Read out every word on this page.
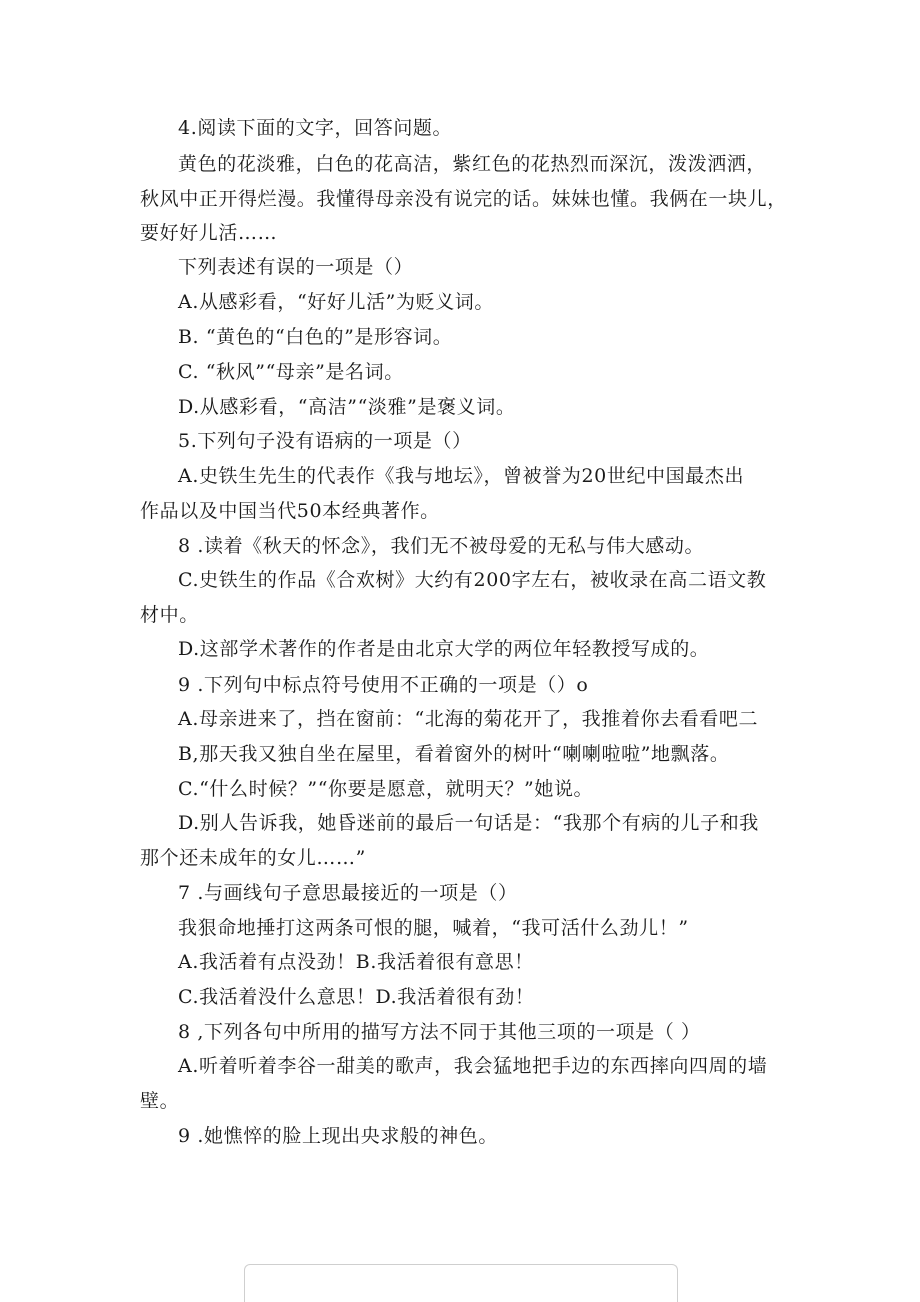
4.阅读下面的文字，回答问题。
黄色的花淡雅，白色的花高洁，紫红色的花热烈而深沉，泼泼洒洒，
秋风中正开得烂漫。我懂得母亲没有说完的话。妹妹也懂。我俩在一块儿，
要好好儿活……
下列表述有误的一项是（）
A.从感彩看，“好好儿活”为贬义词。
B. “黄色的“白色的”是形容词。
C. “秋风”“母亲”是名词。
D.从感彩看，“高洁”“淡雅”是褒义词。
5.下列句子没有语病的一项是（）
A.史铁生先生的代表作《我与地坛》，曾被誉为20世纪中国最杰出
作品以及中国当代50本经典著作。
8 .读着《秋天的怀念》，我们无不被母爱的无私与伟大感动。
C.史铁生的作品《合欢树》大约有200字左右，被收录在高二语文教
材中。
D.这部学术著作的作者是由北京大学的两位年轻教授写成的。
9 .下列句中标点符号使用不正确的一项是（）o
A.母亲进来了，挡在窗前：“北海的菊花开了，我推着你去看看吧二
B,那天我又独自坐在屋里，看着窗外的树叶“喇喇啦啦”地飘落。
C.“什么时候？”“你要是愿意，就明天？”她说。
D.别人告诉我，她昏迷前的最后一句话是：“我那个有病的儿子和我
那个还未成年的女儿……”
7 .与画线句子意思最接近的一项是（）
我狠命地捶打这两条可恨的腿，喊着，“我可活什么劲儿！”
A.我活着有点没劲！B.我活着很有意思！
C.我活着没什么意思！D.我活着很有劲！
8 ,下列各句中所用的描写方法不同于其他三项的一项是（ ）
A.听着听着李谷一甜美的歌声，我会猛地把手边的东西摔向四周的墙
壁。
9 .她憔悴的脸上现出央求般的神色。
